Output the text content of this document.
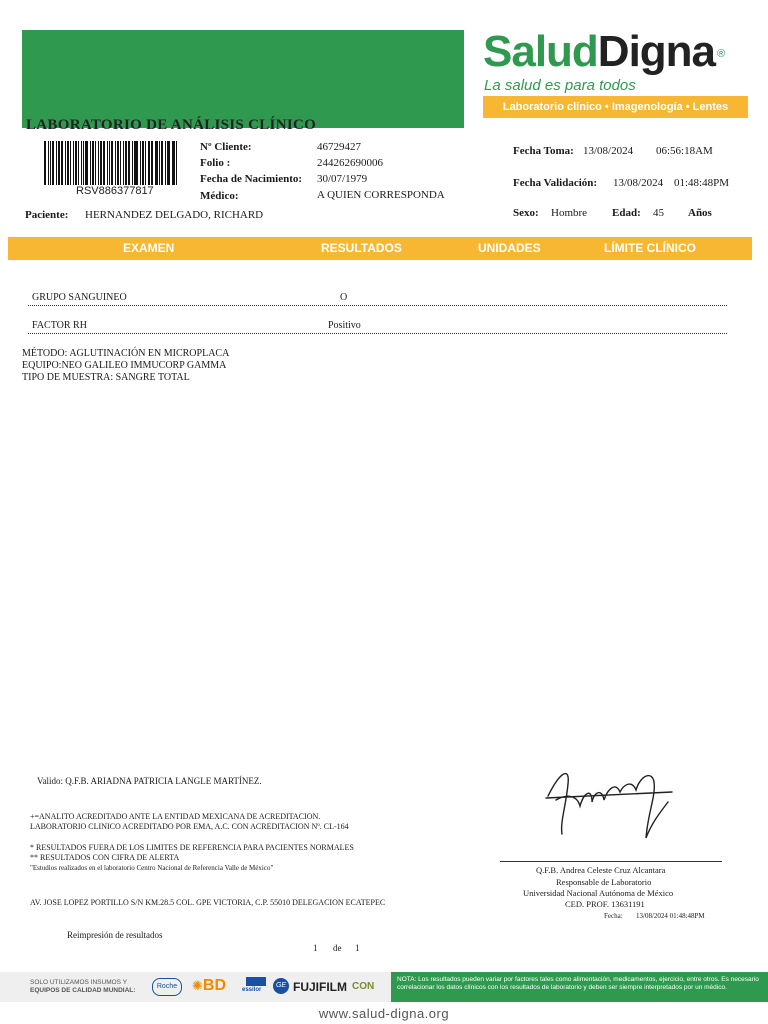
LABORATORIO DE ANÁLISIS CLÍNICO
SaludDigna ®
La salud es para todos
Laboratorio clínico • Imagenología • Lentes
RSV886377817
Nº Cliente:	46729427
Folio :	244262690006
Fecha de Nacimiento: 30/07/1979
Médico:	A QUIEN CORRESPONDA
Paciente: HERNANDEZ DELGADO, RICHARD
Fecha Toma: 13/08/2024 06:56:18AM
Fecha Validación: 13/08/2024 01:48:48PM
Sexo: Hombre Edad: 45 Años
EXAMEN	RESULTADOS	UNIDADES	LÍMITE CLÍNICO
GRUPO SANGUINEO	O
FACTOR RH	Positivo
MÉTODO: AGLUTINACIÓN EN MICROPLACA
EQUIPO:NEO GALILEO IMMUCORP GAMMA
TIPO DE MUESTRA: SANGRE TOTAL
Valido: Q.F.B. ARIADNA PATRICIA LANGLE MARTÍNEZ.
+=ANALITO ACREDITADO ANTE LA ENTIDAD MEXICANA DE ACREDITACION.
LABORATORIO CLINICO ACREDITADO POR EMA, A.C. CON ACREDITACION Nº. CL-164
* RESULTADOS FUERA DE LOS LIMITES DE REFERENCIA PARA PACIENTES NORMALES
** RESULTADOS CON CIFRA DE ALERTA
"Estudios realizados en el laboratorio Centro Nacional de Referencia Valle de México"
AV. JOSE LOPEZ PORTILLO S/N KM.28.5 COL. GPE VICTORIA, C.P. 55010 DELEGACION ECATEPEC
Reimpresión de resultados
1 de 1
Q.F.B. Andrea Celeste Cruz Alcantara
Responsable de Laboratorio
Universidad Nacional Autónoma de México
CED. PROF. 13631191
Fecha: 13/08/2024 01:48:48PM
SOLO UTILIZAMOS INSUMOS Y
EQUIPOS DE CALIDAD MUNDIAL:
Roche	✺BD	essilor
GE FUJIFILM CON
NOTA: Los resultados pueden variar por factores tales como alimentación, medicamentos, ejercicio, entre otros. Es necesario correlacionar los datos clínicos con los resultados de laboratorio y deben ser siempre interpretados por un médico.
www.salud-digna.org
